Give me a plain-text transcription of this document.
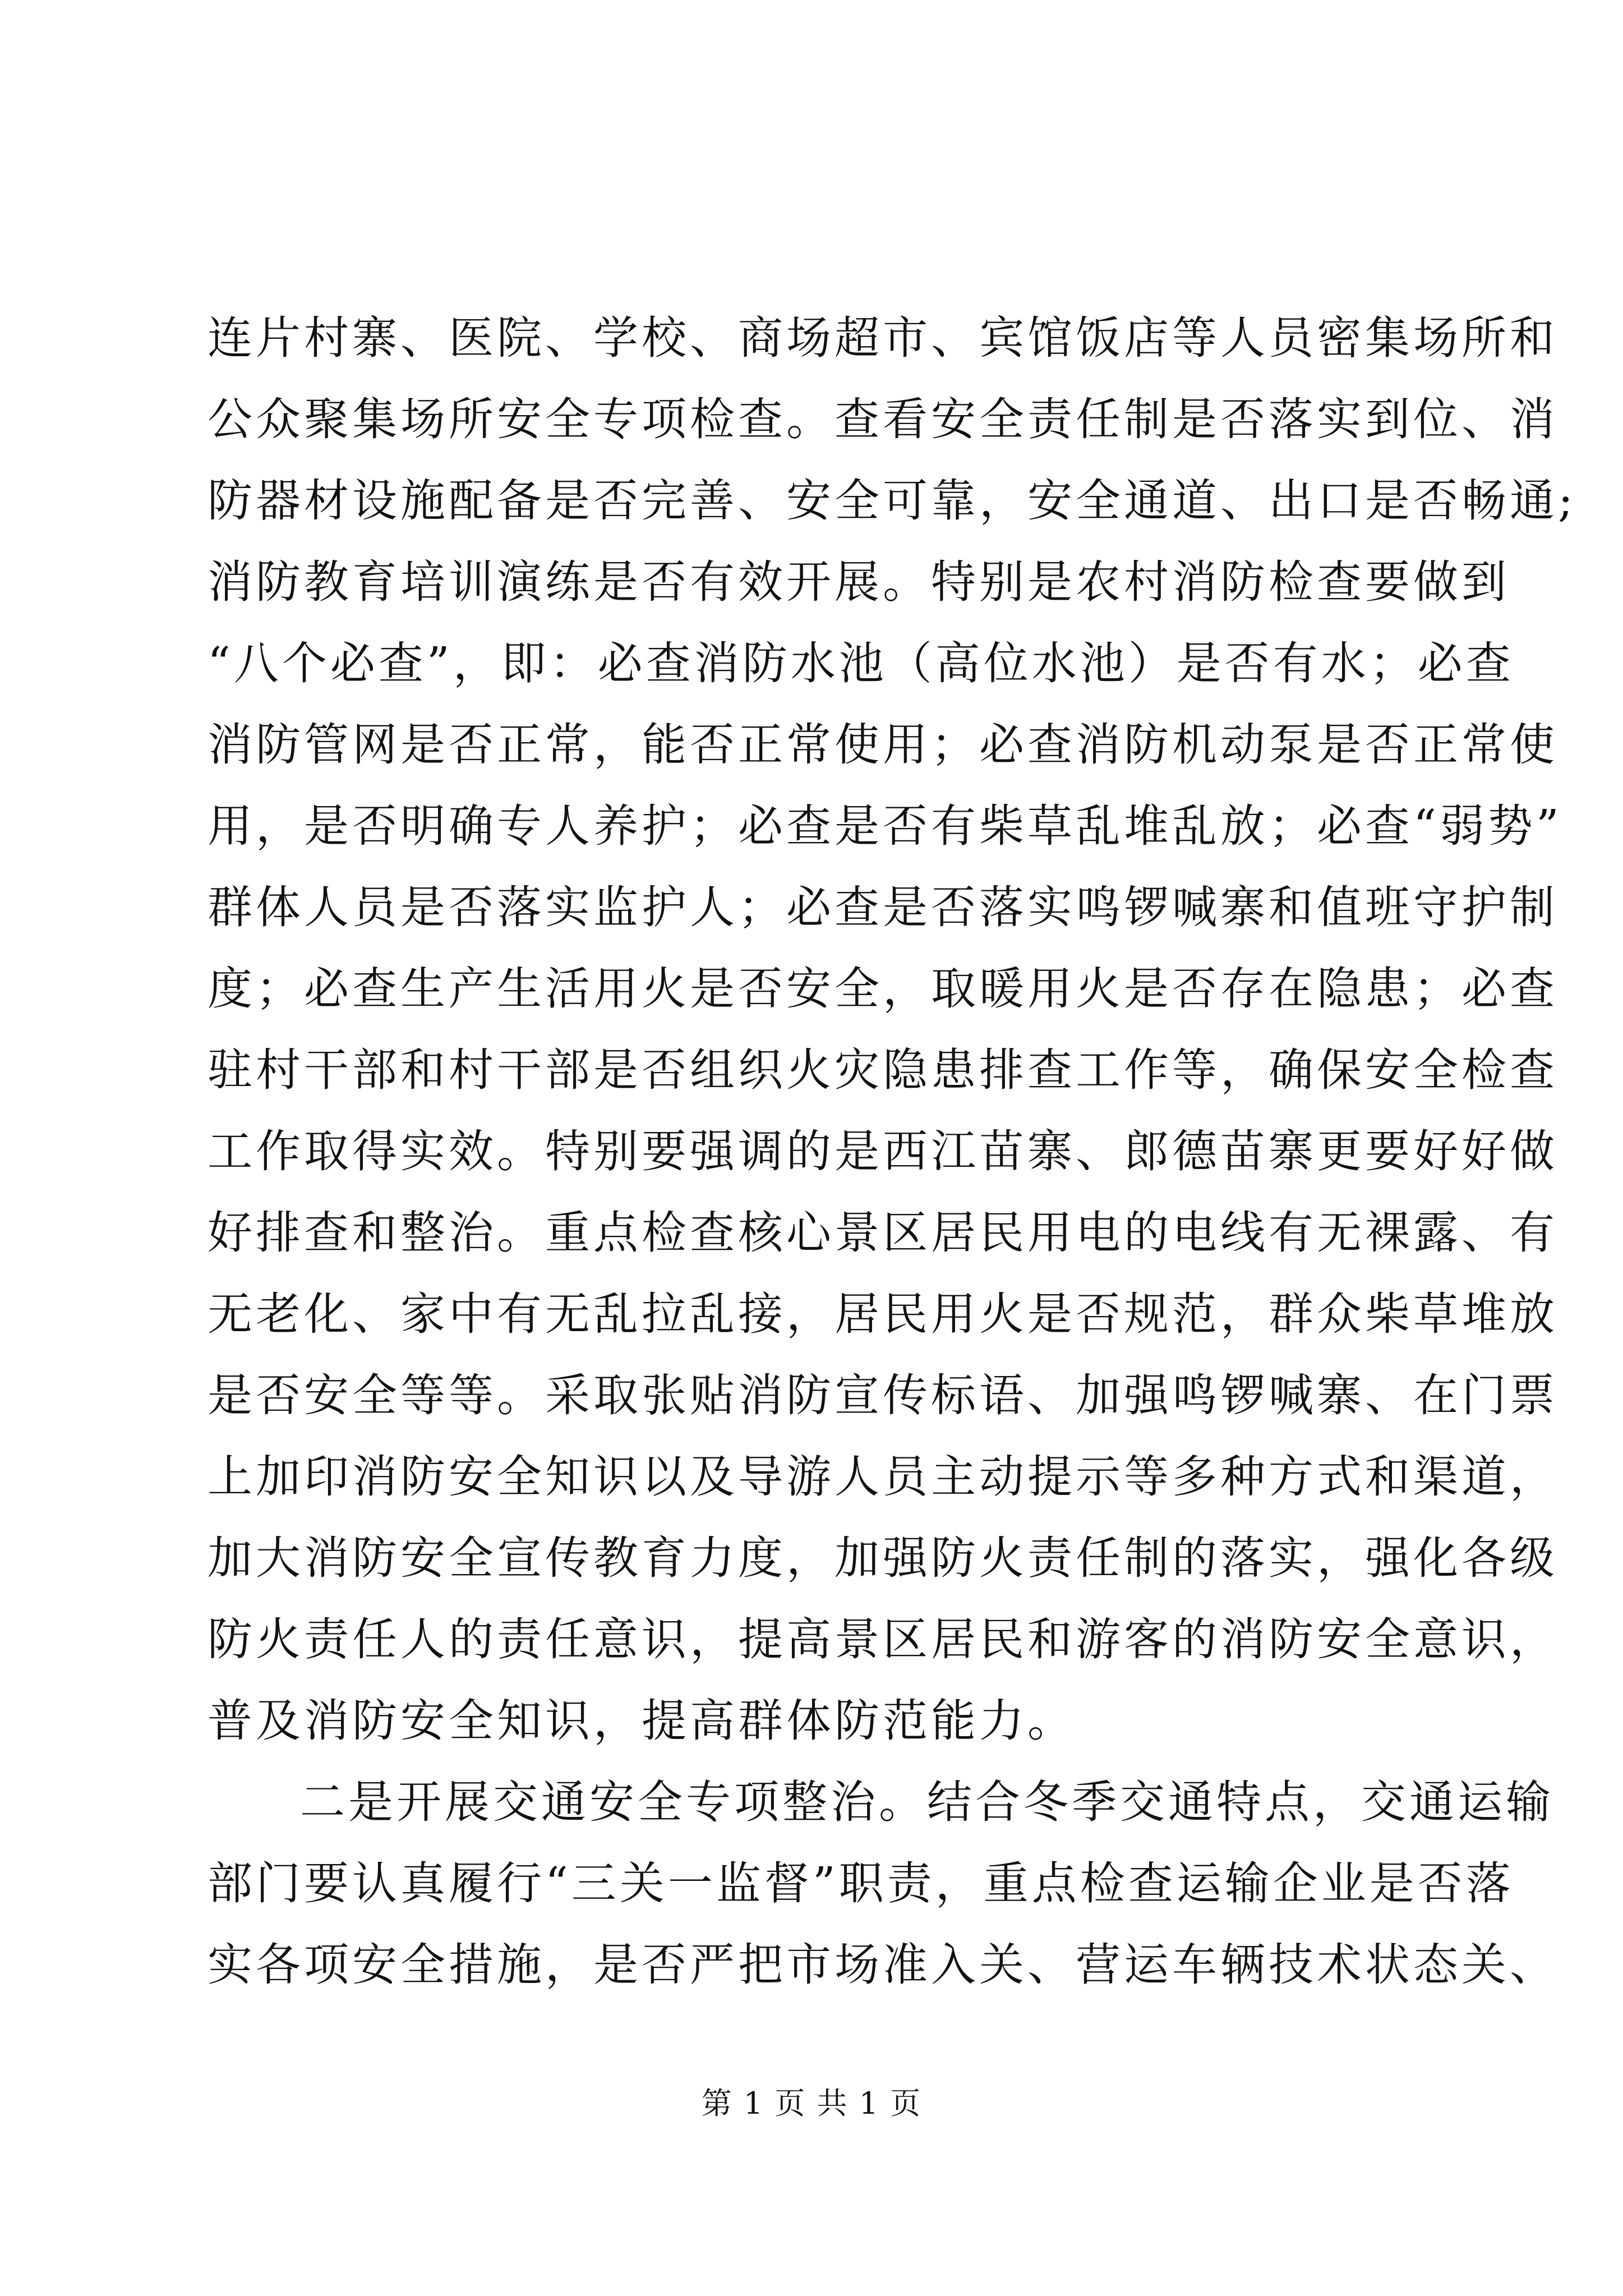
连片村寨、医院、学校、商场超市、宾馆饭店等人员密集场所和
公众聚集场所安全专项检查。查看安全责任制是否落实到位、消
防器材设施配备是否完善、安全可靠，安全通道、出口是否畅通;
消防教育培训演练是否有效开展。特别是农村消防检查要做到
“八个必查”，即：必查消防水池（高位水池）是否有水；必查
消防管网是否正常，能否正常使用；必查消防机动泵是否正常使
用，是否明确专人养护；必查是否有柴草乱堆乱放；必查“弱势”
群体人员是否落实监护人；必查是否落实鸣锣喊寨和值班守护制
度；必查生产生活用火是否安全，取暖用火是否存在隐患；必查
驻村干部和村干部是否组织火灾隐患排查工作等，确保安全检查
工作取得实效。特别要强调的是西江苗寨、郎德苗寨更要好好做
好排查和整治。重点检查核心景区居民用电的电线有无裸露、有
无老化、家中有无乱拉乱接，居民用火是否规范，群众柴草堆放
是否安全等等。采取张贴消防宣传标语、加强鸣锣喊寨、在门票
上加印消防安全知识以及导游人员主动提示等多种方式和渠道，
加大消防安全宣传教育力度，加强防火责任制的落实，强化各级
防火责任人的责任意识，提高景区居民和游客的消防安全意识，
普及消防安全知识，提高群体防范能力。
二是开展交通安全专项整治。结合冬季交通特点，交通运输
部门要认真履行“三关一监督”职责，重点检查运输企业是否落
实各项安全措施，是否严把市场准入关、营运车辆技术状态关、
第 1 页 共 1 页
